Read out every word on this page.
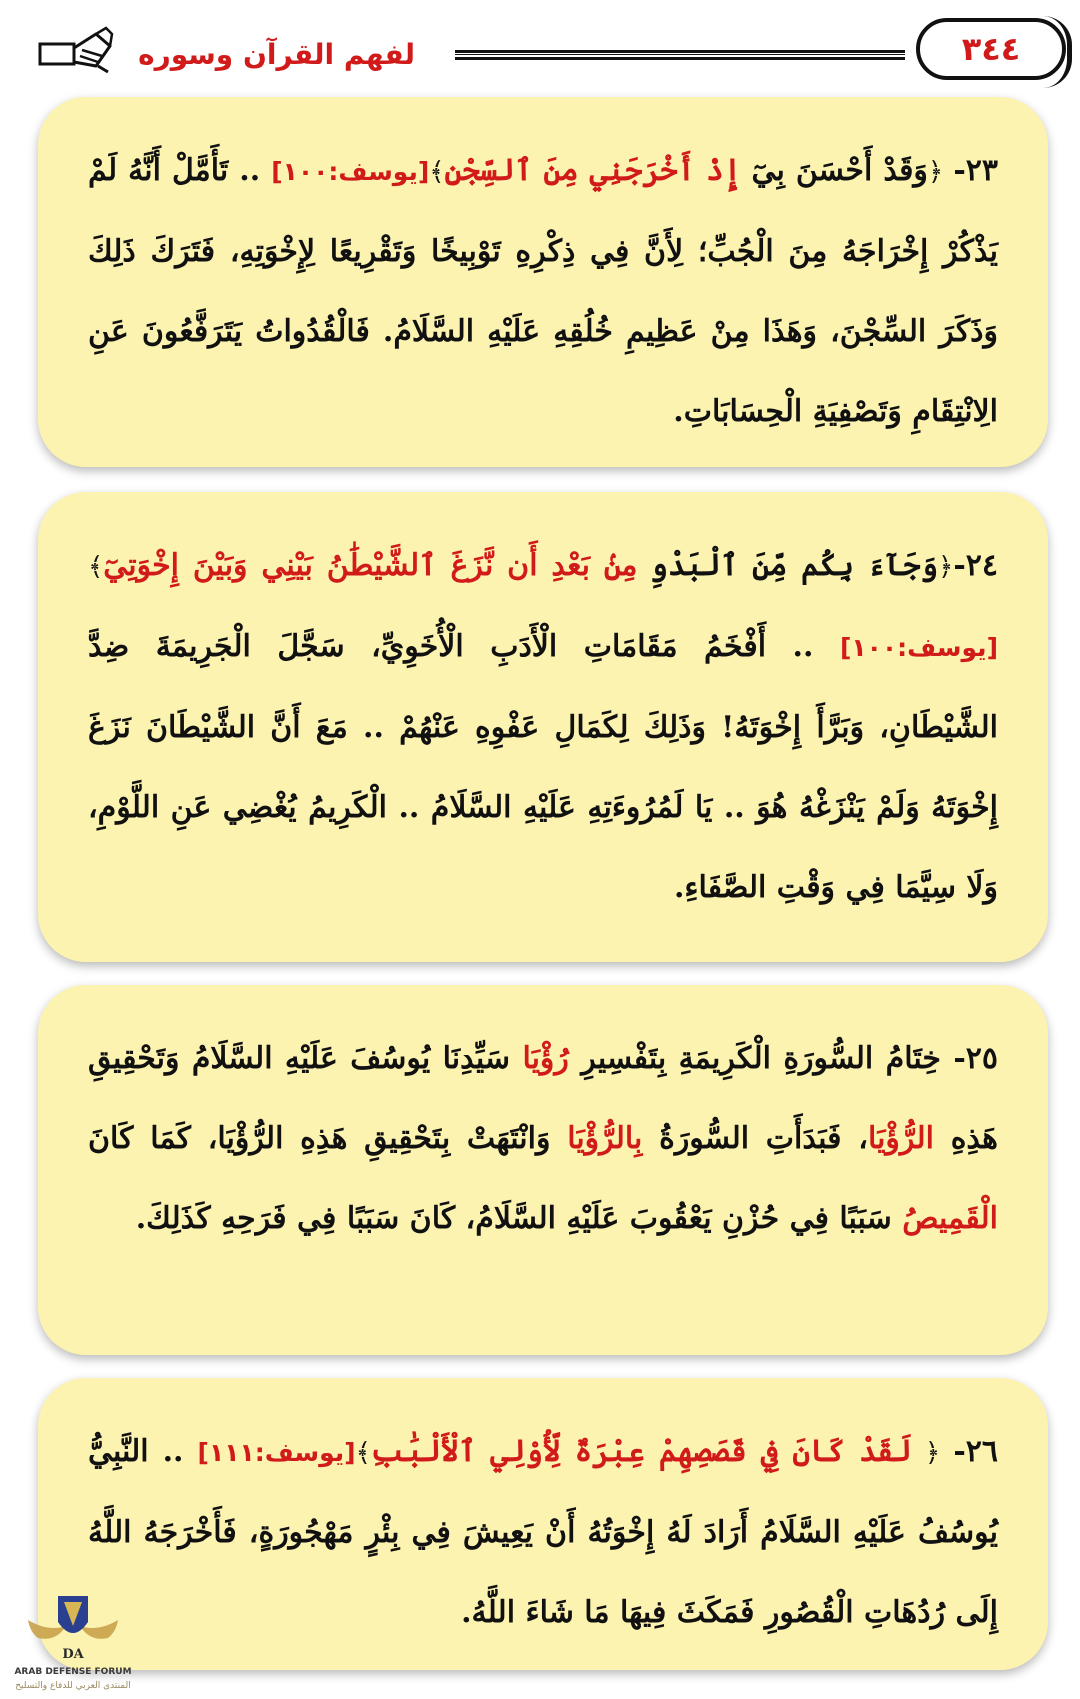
٣٤٤
لفهم القرآن وسوره

٢٣- ﴿وَقَدْ أَحْسَنَ بِيٓ إِذْ أَخْرَجَنِي مِنَ ٱلسِّجْنِ﴾[يوسف:١٠٠] .. تَأَمَّلْ أَنَّهُ لَمْ يَذْكُرْ إِخْرَاجَهُ مِنَ الْجُبِّ؛ لِأَنَّ فِي ذِكْرِهِ تَوْبِيخًا وَتَقْرِيعًا لِإِخْوَتِهِ، فَتَرَكَ ذَلِكَ وَذَكَرَ السِّجْنَ، وَهَذَا مِنْ عَظِيمِ خُلُقِهِ عَلَيْهِ السَّلَامُ. فَالْقُدُواتُ يَتَرَفَّعُونَ عَنِ الِانْتِقَامِ وَتَصْفِيَةِ الْحِسَابَاتِ.

٢٤-﴿وَجَآءَ بِكُم مِّنَ ٱلْبَدْوِ مِنۢ بَعْدِ أَن نَّزَغَ ٱلشَّيْطَٰنُ بَيْنِي وَبَيْنَ إِخْوَتِيٓ﴾ [يوسف:١٠٠] .. أَفْخَمُ مَقَامَاتِ الْأَدَبِ الْأُخَوِيِّ، سَجَّلَ الْجَرِيمَةَ ضِدَّ الشَّيْطَانِ، وَبَرَّأَ إِخْوَتَهُ! وَذَلِكَ لِكَمَالِ عَفْوِهِ عَنْهُمْ .. مَعَ أَنَّ الشَّيْطَانَ نَزَغَ إِخْوَتَهُ وَلَمْ يَنْزَغْهُ هُوَ .. يَا لَمُرُوءَتِهِ عَلَيْهِ السَّلَامُ .. الْكَرِيمُ يُغْضِي عَنِ اللَّوْمِ، وَلَا سِيَّمَا فِي وَقْتِ الصَّفَاءِ.

٢٥- خِتَامُ السُّورَةِ الْكَرِيمَةِ بِتَفْسِيرِ رُؤْيَا سَيِّدِنَا يُوسُفَ عَلَيْهِ السَّلَامُ وَتَحْقِيقِ هَذِهِ الرُّؤْيَا، فَبَدَأَتِ السُّورَةُ بِالرُّؤْيَا وَانْتَهَتْ بِتَحْقِيقِ هَذِهِ الرُّؤْيَا، كَمَا كَانَ الْقَمِيصُ سَبَبًا فِي حُزْنِ يَعْقُوبَ عَلَيْهِ السَّلَامُ، كَانَ سَبَبًا فِي فَرَحِهِ كَذَلِكَ.

٢٦- ﴿ لَقَدْ كَانَ فِي قَصَصِهِمْ عِبْرَةٌ لِّأُوْلِي ٱلْأَلْبَٰبِ﴾[يوسف:١١١] .. النَّبِيُّ يُوسُفُ عَلَيْهِ السَّلَامُ أَرَادَ لَهُ إِخْوَتُهُ أَنْ يَعِيشَ فِي بِئْرٍ مَهْجُورَةٍ، فَأَخْرَجَهُ اللَّهُ إِلَى رُدُهَاتِ الْقُصُورِ فَمَكَثَ فِيهَا مَا شَاءَ اللَّهُ.

DA
ARAB DEFENSE FORUM
المنتدى العربي للدفاع والتسليح
